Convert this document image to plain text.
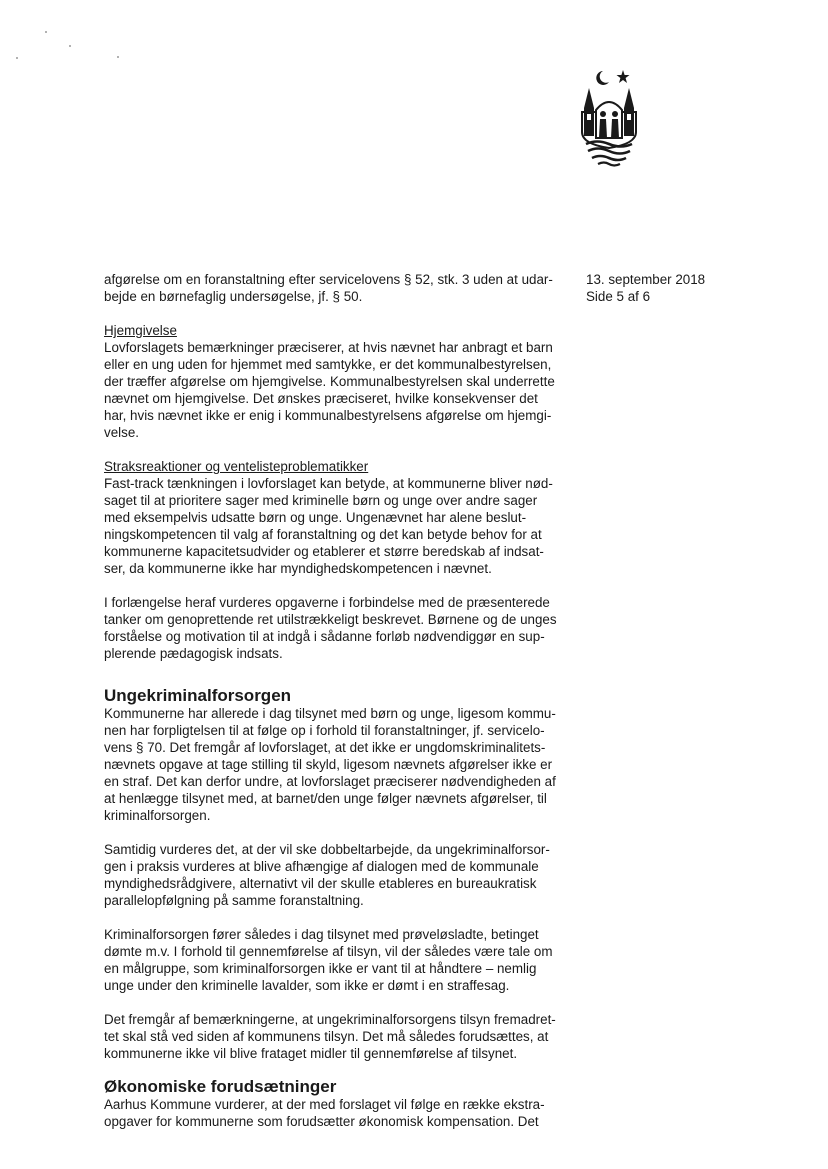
13. september 2018
Side 5 af 6

afgørelse om en foranstaltning efter servicelovens § 52, stk. 3 uden at udar-
bejde en børnefaglig undersøgelse, jf. § 50.

Hjemgivelse

Lovforslagets bemærkninger præciserer, at hvis nævnet har anbragt et barn
eller en ung uden for hjemmet med samtykke, er det kommunalbestyrelsen,
der træffer afgørelse om hjemgivelse. Kommunalbestyrelsen skal underrette
nævnet om hjemgivelse. Det ønskes præciseret, hvilke konsekvenser det
har, hvis nævnet ikke er enig i kommunalbestyrelsens afgørelse om hjemgi-
velse.

Straksreaktioner og ventelisteproblematikker

Fast-track tænkningen i lovforslaget kan betyde, at kommunerne bliver nød-
saget til at prioritere sager med kriminelle børn og unge over andre sager
med eksempelvis udsatte børn og unge. Ungenævnet har alene beslut-
ningskompetencen til valg af foranstaltning og det kan betyde behov for at
kommunerne kapacitetsudvider og etablerer et større beredskab af indsat-
ser, da kommunerne ikke har myndighedskompetencen i nævnet.

I forlængelse heraf vurderes opgaverne i forbindelse med de præsenterede
tanker om genoprettende ret utilstrækkeligt beskrevet. Børnene og de unges
forståelse og motivation til at indgå i sådanne forløb nødvendiggør en sup-
plerende pædagogisk indsats.

Ungekriminalforsorgen

Kommunerne har allerede i dag tilsynet med børn og unge, ligesom kommu-
nen har forpligtelsen til at følge op i forhold til foranstaltninger, jf. servicelo-
vens § 70. Det fremgår af lovforslaget, at det ikke er ungdomskriminalitets-
nævnets opgave at tage stilling til skyld, ligesom nævnets afgørelser ikke er
en straf. Det kan derfor undre, at lovforslaget præciserer nødvendigheden af
at henlægge tilsynet med, at barnet/den unge følger nævnets afgørelser, til
kriminalforsorgen.

Samtidig vurderes det, at der vil ske dobbeltarbejde, da ungekriminalforsor-
gen i praksis vurderes at blive afhængige af dialogen med de kommunale
myndighedsrådgivere, alternativt vil der skulle etableres en bureaukratisk
parallelopfølgning på samme foranstaltning.

Kriminalforsorgen fører således i dag tilsynet med prøveløsladte, betinget
dømte m.v. I forhold til gennemførelse af tilsyn, vil der således være tale om
en målgruppe, som kriminalforsorgen ikke er vant til at håndtere – nemlig
unge under den kriminelle lavalder, som ikke er dømt i en straffesag.

Det fremgår af bemærkningerne, at ungekriminalforsorgens tilsyn fremadret-
tet skal stå ved siden af kommunens tilsyn. Det må således forudsættes, at
kommunerne ikke vil blive frataget midler til gennemførelse af tilsynet.

Økonomiske forudsætninger

Aarhus Kommune vurderer, at der med forslaget vil følge en række ekstra-
opgaver for kommunerne som forudsætter økonomisk kompensation. Det
